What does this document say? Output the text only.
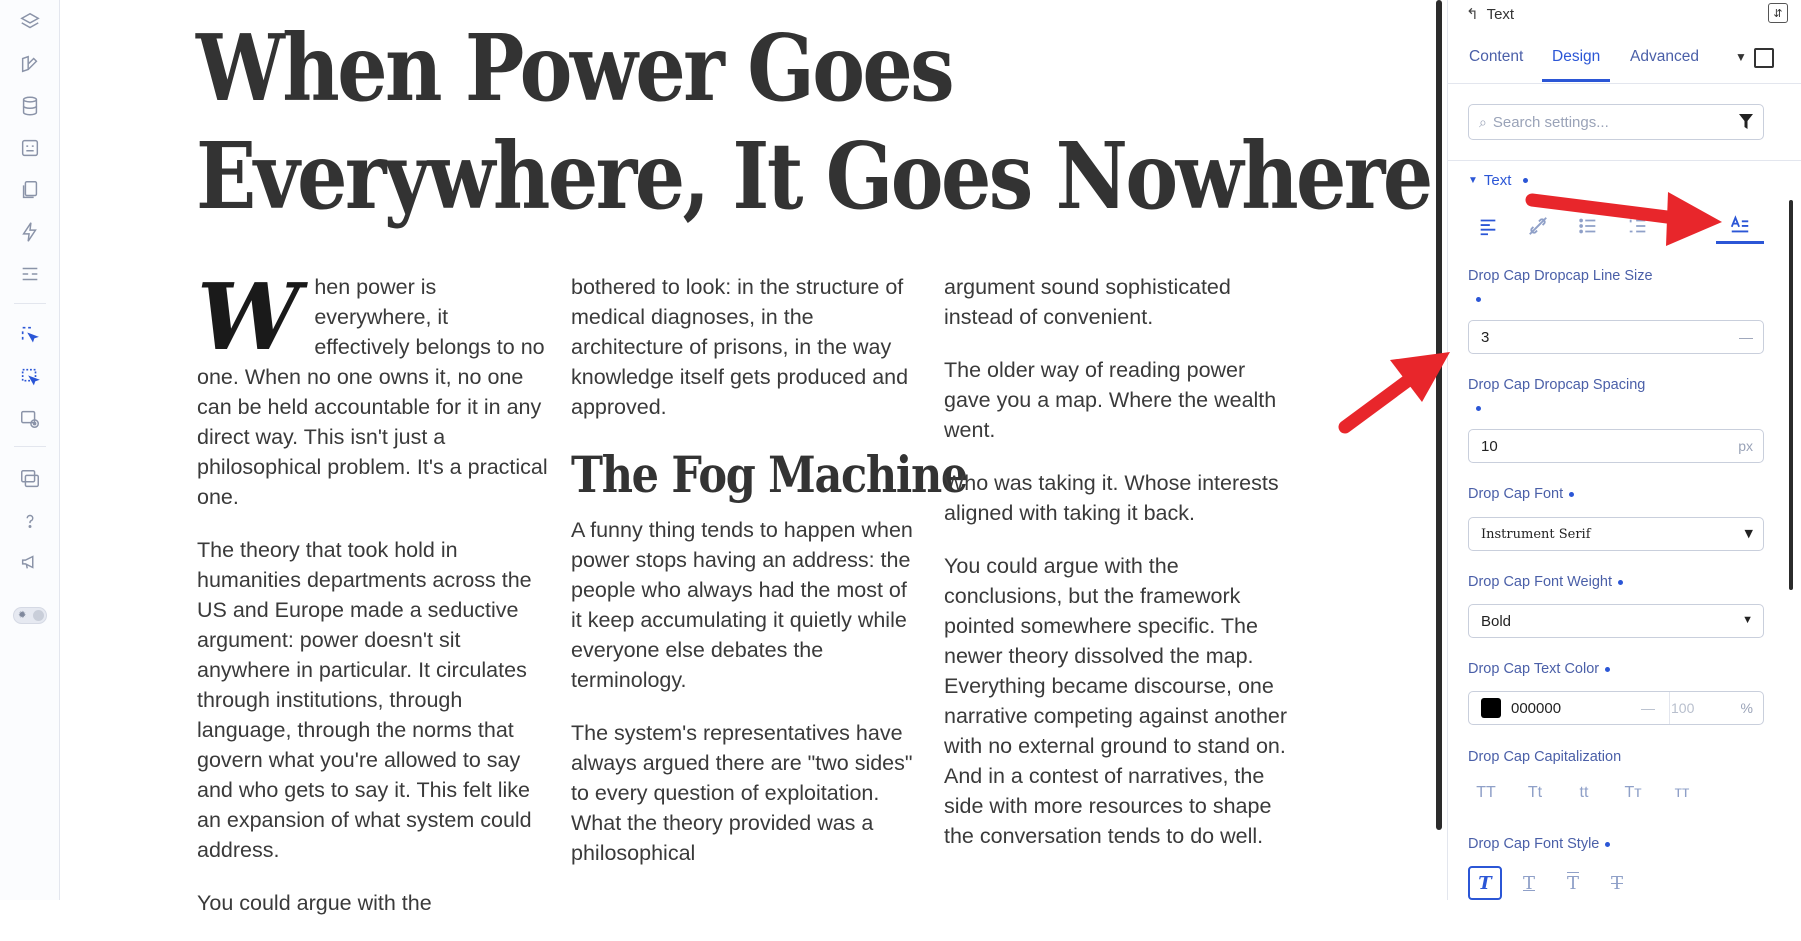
✹
When Power Goes
Everywhere, It Goes Nowhere

When power is everywhere, it effectively belongs to no one. When no one owns it, no one can be held accountable for it in any direct way. This isn't just a philosophical problem. It's a practical one.

The theory that took hold in humanities departments across the US and Europe made a seductive argument: power doesn't sit anywhere in particular. It circulates through institutions, through language, through the norms that govern what you're allowed to say and who gets to say it. This felt like an expansion of what system could address.

You could argue with the

bothered to look: in the structure of medical diagnoses, in the architecture of prisons, in the way knowledge itself gets produced and approved.

The Fog Machine

A funny thing tends to happen when power stops having an address: the people who always had the most of it keep accumulating it quietly while everyone else debates the terminology.

The system's representatives have always argued there are "two sides" to every question of exploitation. What the theory provided was a philosophical

argument sound sophisticated instead of convenient.

The older way of reading power gave you a map. Where the wealth went.

Who was taking it. Whose interests aligned with taking it back.

You could argue with the conclusions, but the framework pointed somewhere specific. The newer theory dissolved the map. Everything became discourse, one narrative competing against another with no external ground to stand on. And in a contest of narratives, the side with more resources to shape the conversation tends to do well.

↰ Text	⇵
Content	Design	Advanced	▼
⌕ Search settings...
▼ Text
Drop Cap Dropcap Line Size
3	—
Drop Cap Dropcap Spacing
10	px
Drop Cap Font
Instrument Serif	▼
Drop Cap Font Weight
Bold	▼
Drop Cap Text Color
000000	— 100	%
Drop Cap Capitalization
TT	Tt	tt	Tт	ᴛᴛ
Drop Cap Font Style
T	T	$\overline{T}$	T
